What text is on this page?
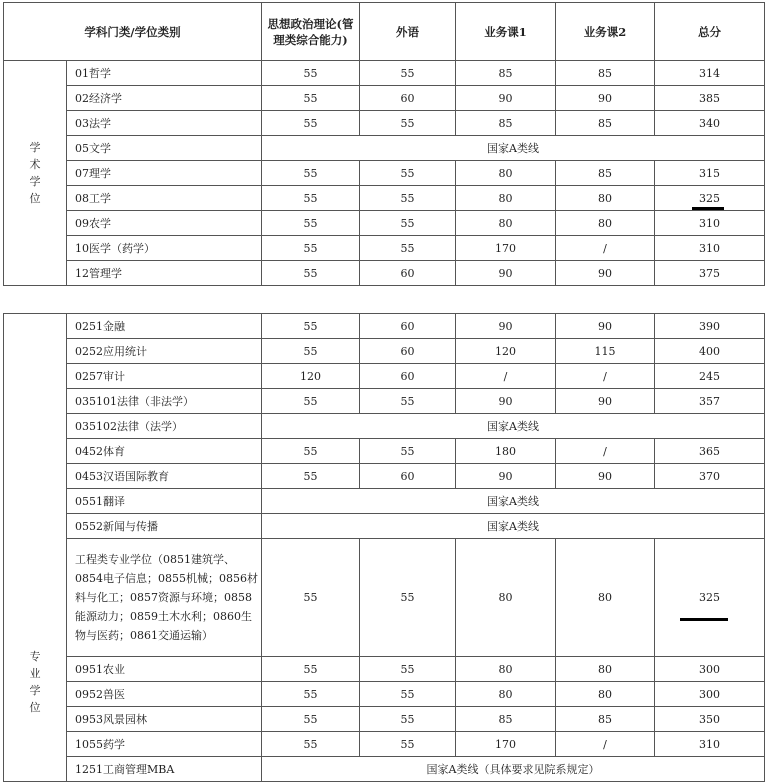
学科门类/学位类别		思想政治理论(管理类综合能力)	外语	业务课1	业务课2	总分

学
术
学
位	01哲学	55	55	85	85	314
	02经济学	55	60	90	90	385
	03法学	55	55	85	85	340
	05文学	国家A类线				
	07理学	55	55	80	85	315
	08工学	55	55	80	80	325
	09农学	55	55	80	80	310
	10医学（药学）	55	55	170	/	310
	12管理学	55	60	90	90	375
专
业
学
位	0251金融	55	60	90	90	390
	0252应用统计	55	60	120	115	400
	0257审计	120	60	/	/	245
	035101法律（非法学）	55	55	90	90	357
	035102法律（法学）	国家A类线				
	0452体育	55	55	180	/	365
	0453汉语国际教育	55	60	90	90	370
	0551翻译	国家A类线				
	0552新闻与传播	国家A类线				
	工程类专业学位（0851建筑学、0854电子信息；0855机械；0856材料与化工；0857资源与环境；0858能源动力；0859土木水利；0860生物与医药；0861交通运输）	55	55	80	80	325
	0951农业	55	55	80	80	300
	0952兽医	55	55	80	80	300
	0953风景园林	55	55	85	85	350
	1055药学	55	55	170	/	310
	1251工商管理MBA	国家A类线（具体要求见院系规定）				
